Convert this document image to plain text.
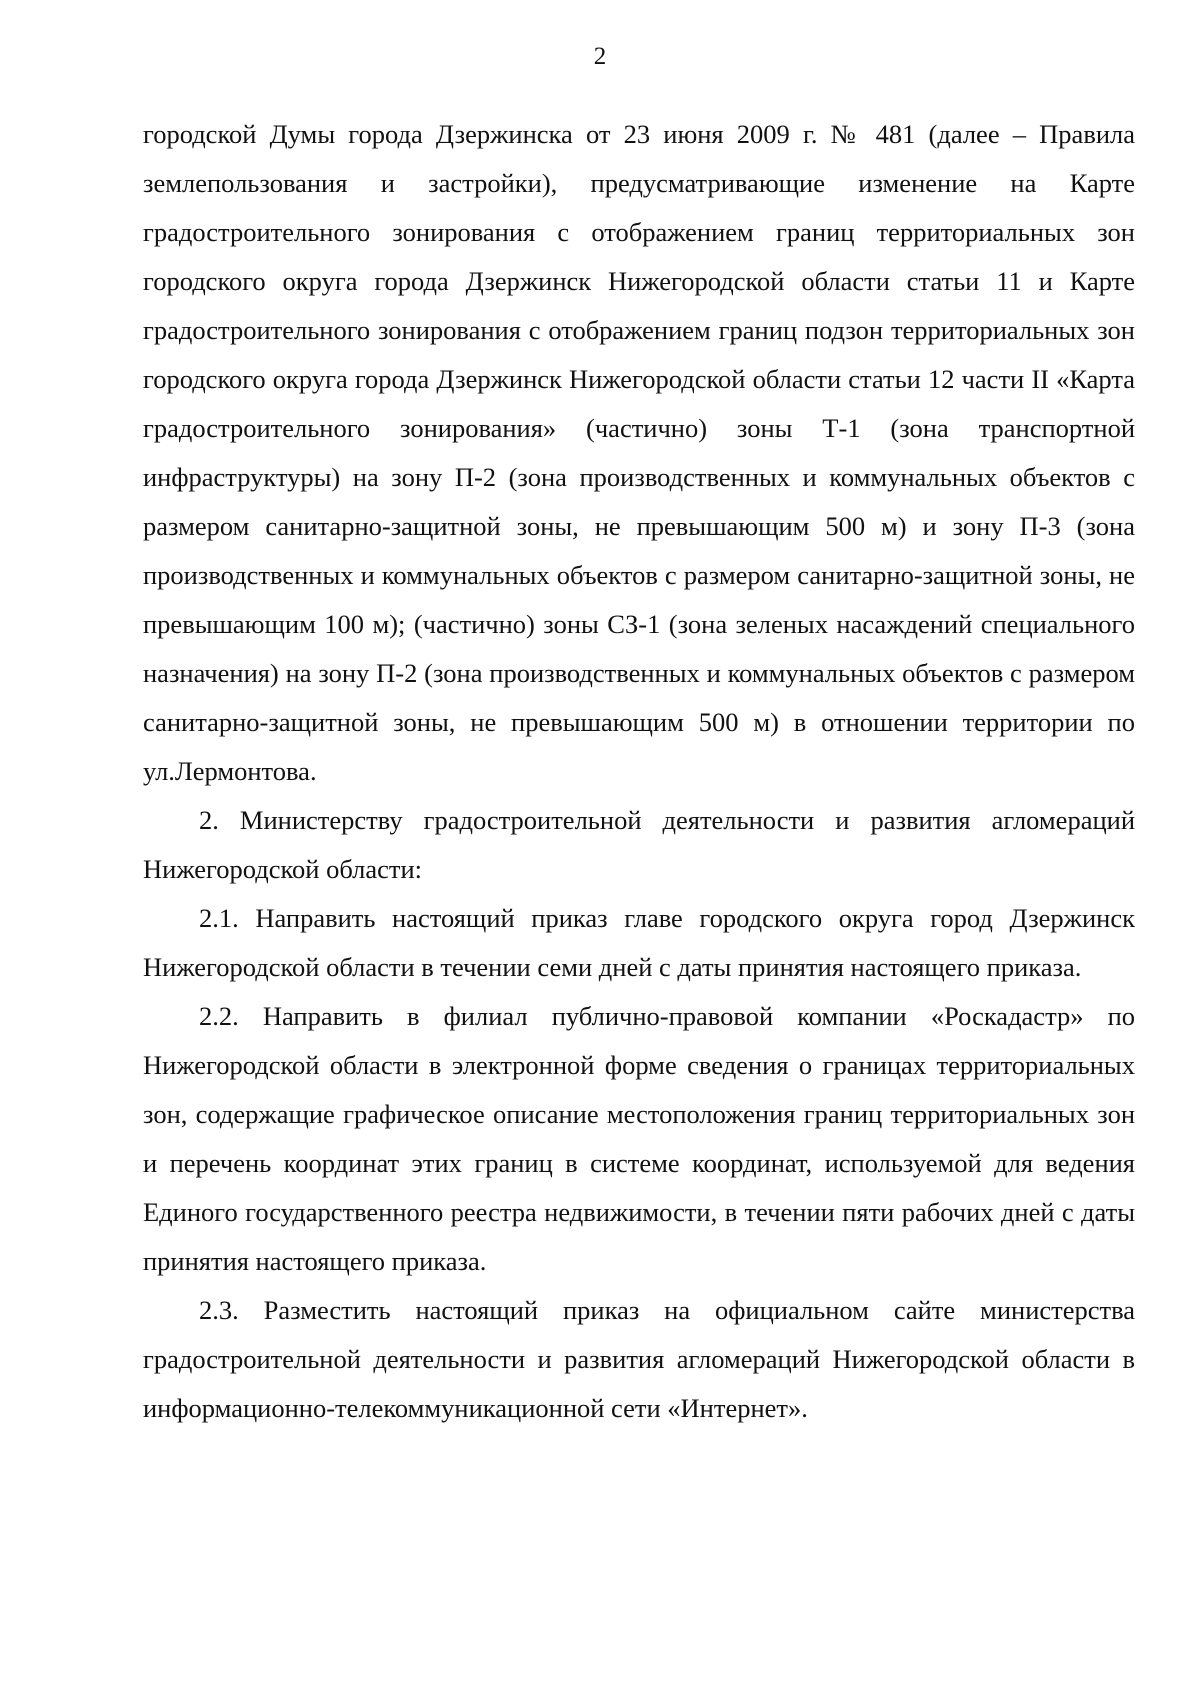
2

городской Думы города Дзержинска от 23 июня 2009 г. № 481 (далее – Правила землепользования и застройки), предусматривающие изменение на Карте градостроительного зонирования с отображением границ территориальных зон городского округа города Дзержинск Нижегородской области статьи 11 и Карте градостроительного зонирования с отображением границ подзон территориальных зон городского округа города Дзержинск Нижегородской области статьи 12 части II «Карта градостроительного зонирования» (частично) зоны Т-1 (зона транспортной инфраструктуры) на зону П-2 (зона производственных и коммунальных объектов с размером санитарно-защитной зоны, не превышающим 500 м) и зону П-3 (зона производственных и коммунальных объектов с размером санитарно-защитной зоны, не превышающим 100 м); (частично) зоны СЗ-1 (зона зеленых насаждений специального назначения) на зону П-2 (зона производственных и коммунальных объектов с размером санитарно-защитной зоны, не превышающим 500 м) в отношении территории по ул.Лермонтова.

2. Министерству градостроительной деятельности и развития агломераций Нижегородской области:

2.1. Направить настоящий приказ главе городского округа город Дзержинск Нижегородской области в течении семи дней с даты принятия настоящего приказа.

2.2. Направить в филиал публично-правовой компании «Роскадастр» по Нижегородской области в электронной форме сведения о границах территориальных зон, содержащие графическое описание местоположения границ территориальных зон и перечень координат этих границ в системе координат, используемой для ведения Единого государственного реестра недвижимости, в течении пяти рабочих дней с даты принятия настоящего приказа.

2.3. Разместить настоящий приказ на официальном сайте министерства градостроительной деятельности и развития агломераций Нижегородской области в информационно-телекоммуникационной сети «Интернет».
